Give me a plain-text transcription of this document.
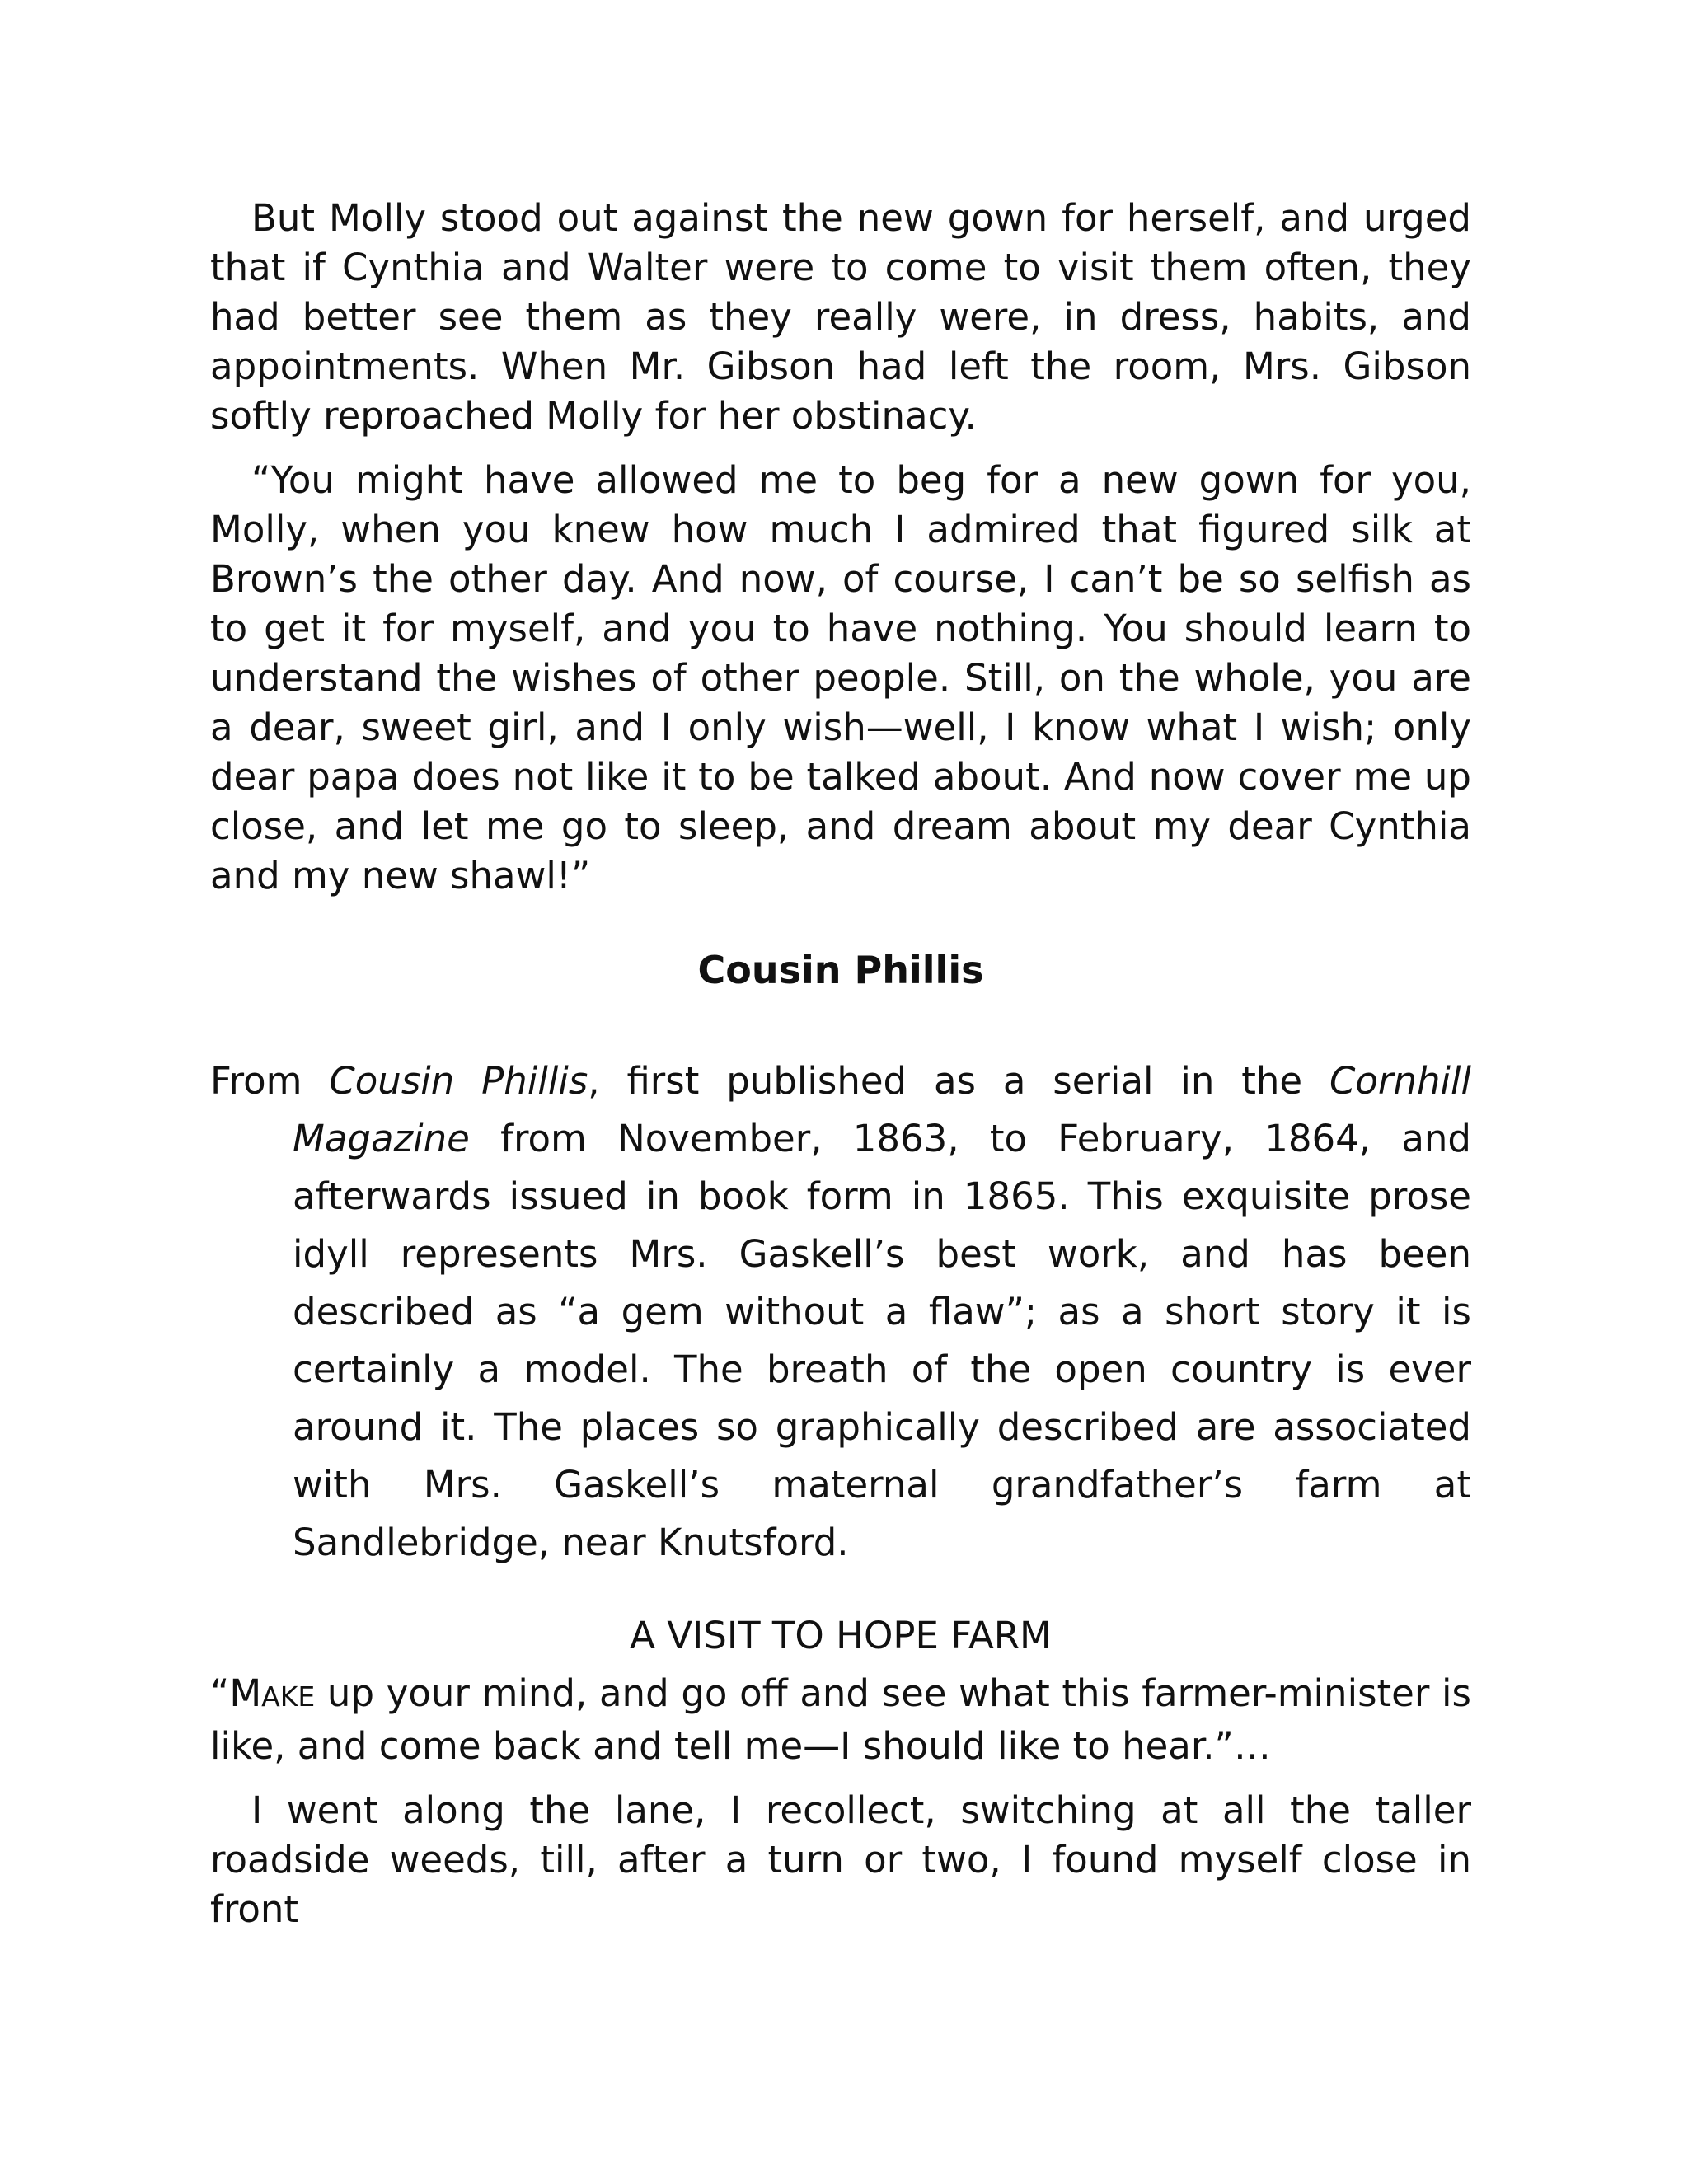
But Molly stood out against the new gown for herself, and urged that if Cynthia and Walter were to come to visit them often, they had better see them as they really were, in dress, habits, and appointments. When Mr. Gibson had left the room, Mrs. Gibson softly reproached Molly for her obstinacy.

“You might have allowed me to beg for a new gown for you, Molly, when you knew how much I admired that figured silk at Brown’s the other day. And now, of course, I can’t be so selfish as to get it for myself, and you to have nothing. You should learn to understand the wishes of other people. Still, on the whole, you are a dear, sweet girl, and I only wish—well, I know what I wish; only dear papa does not like it to be talked about. And now cover me up close, and let me go to sleep, and dream about my dear Cynthia and my new shawl!”

Cousin Phillis

From Cousin Phillis, first published as a serial in the Cornhill Magazine from November, 1863, to February, 1864, and afterwards issued in book form in 1865. This exquisite prose idyll represents Mrs. Gaskell’s best work, and has been described as “a gem without a flaw”; as a short story it is certainly a model. The breath of the open country is ever around it. The places so graphically described are associated with Mrs. Gaskell’s maternal grandfather’s farm at Sandlebridge, near Knutsford.

A VISIT TO HOPE FARM

“MAKE up your mind, and go off and see what this farmer-minister is like, and come back and tell me—I should like to hear.”…

I went along the lane, I recollect, switching at all the taller roadside weeds, till, after a turn or two, I found myself close in front
